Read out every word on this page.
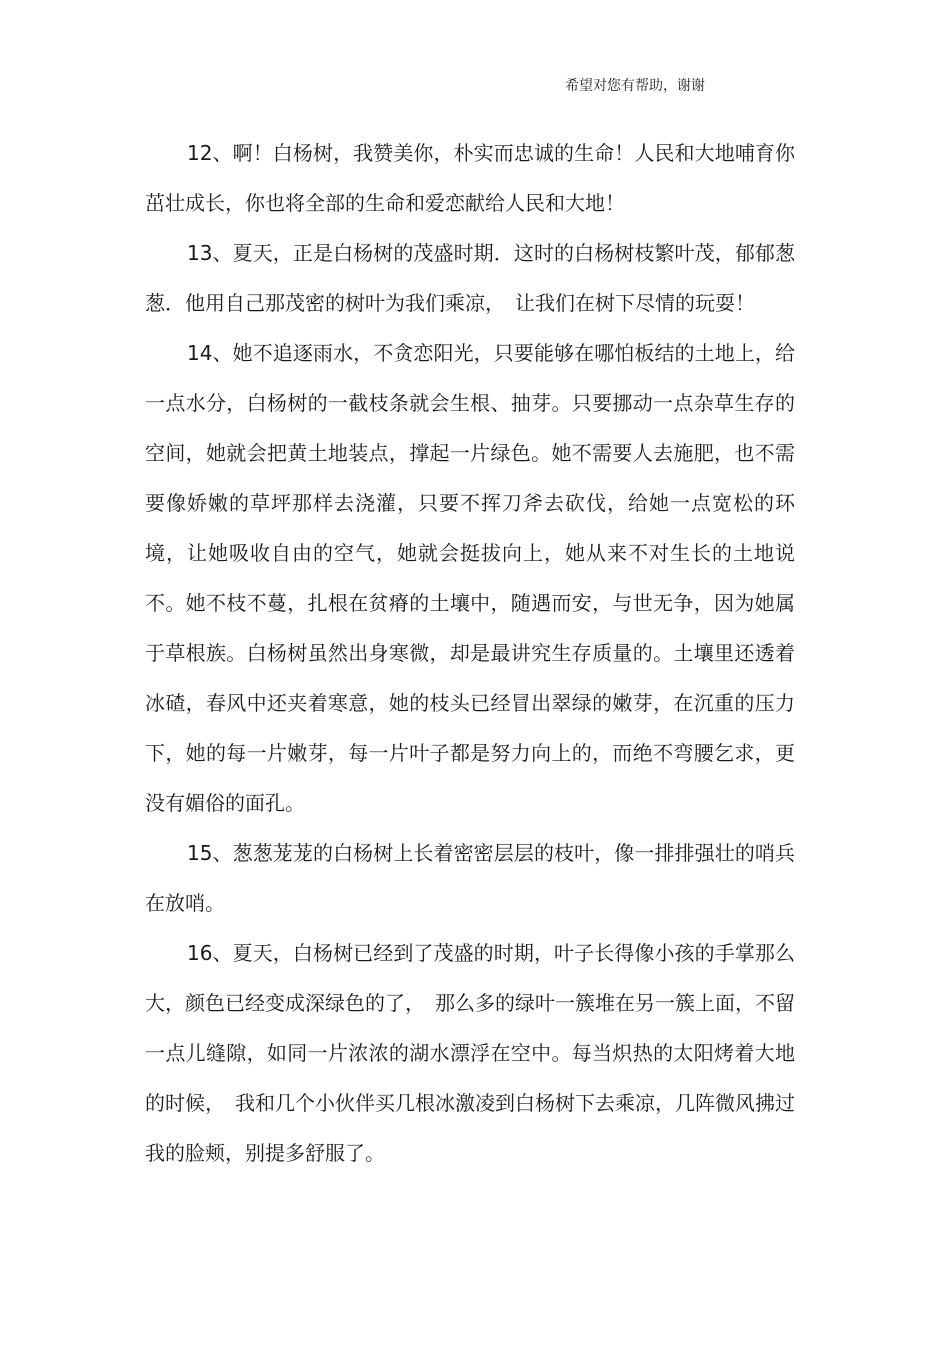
希望对您有帮助，谢谢

12、啊！白杨树，我赞美你，朴实而忠诚的生命！人民和大地哺育你茁壮成长，你也将全部的生命和爱恋献给人民和大地！

13、夏天，正是白杨树的茂盛时期．这时的白杨树枝繁叶茂，郁郁葱葱．他用自己那茂密的树叶为我们乘凉，　让我们在树下尽情的玩耍！

14、她不追逐雨水，不贪恋阳光，只要能够在哪怕板结的土地上，给一点水分，白杨树的一截枝条就会生根、抽芽。只要挪动一点杂草生存的空间，她就会把黄土地装点，撑起一片绿色。她不需要人去施肥，也不需要像娇嫩的草坪那样去浇灌，只要不挥刀斧去砍伐，给她一点宽松的环境，让她吸收自由的空气，她就会挺拔向上，她从来不对生长的土地说不。她不枝不蔓，扎根在贫瘠的土壤中，随遇而安，与世无争，因为她属于草根族。白杨树虽然出身寒微，却是最讲究生存质量的。土壤里还透着冰碴，春风中还夹着寒意，她的枝头已经冒出翠绿的嫩芽，在沉重的压力下，她的每一片嫩芽，每一片叶子都是努力向上的，而绝不弯腰乞求，更没有媚俗的面孔。

15、葱葱茏茏的白杨树上长着密密层层的枝叶，像一排排强壮的哨兵在放哨。

16、夏天，白杨树已经到了茂盛的时期，叶子长得像小孩的手掌那么大，颜色已经变成深绿色的了，　那么多的绿叶一簇堆在另一簇上面，不留一点儿缝隙，如同一片浓浓的湖水漂浮在空中。每当炽热的太阳烤着大地的时候，　我和几个小伙伴买几根冰激凌到白杨树下去乘凉，几阵微风拂过我的脸颊，别提多舒服了。
